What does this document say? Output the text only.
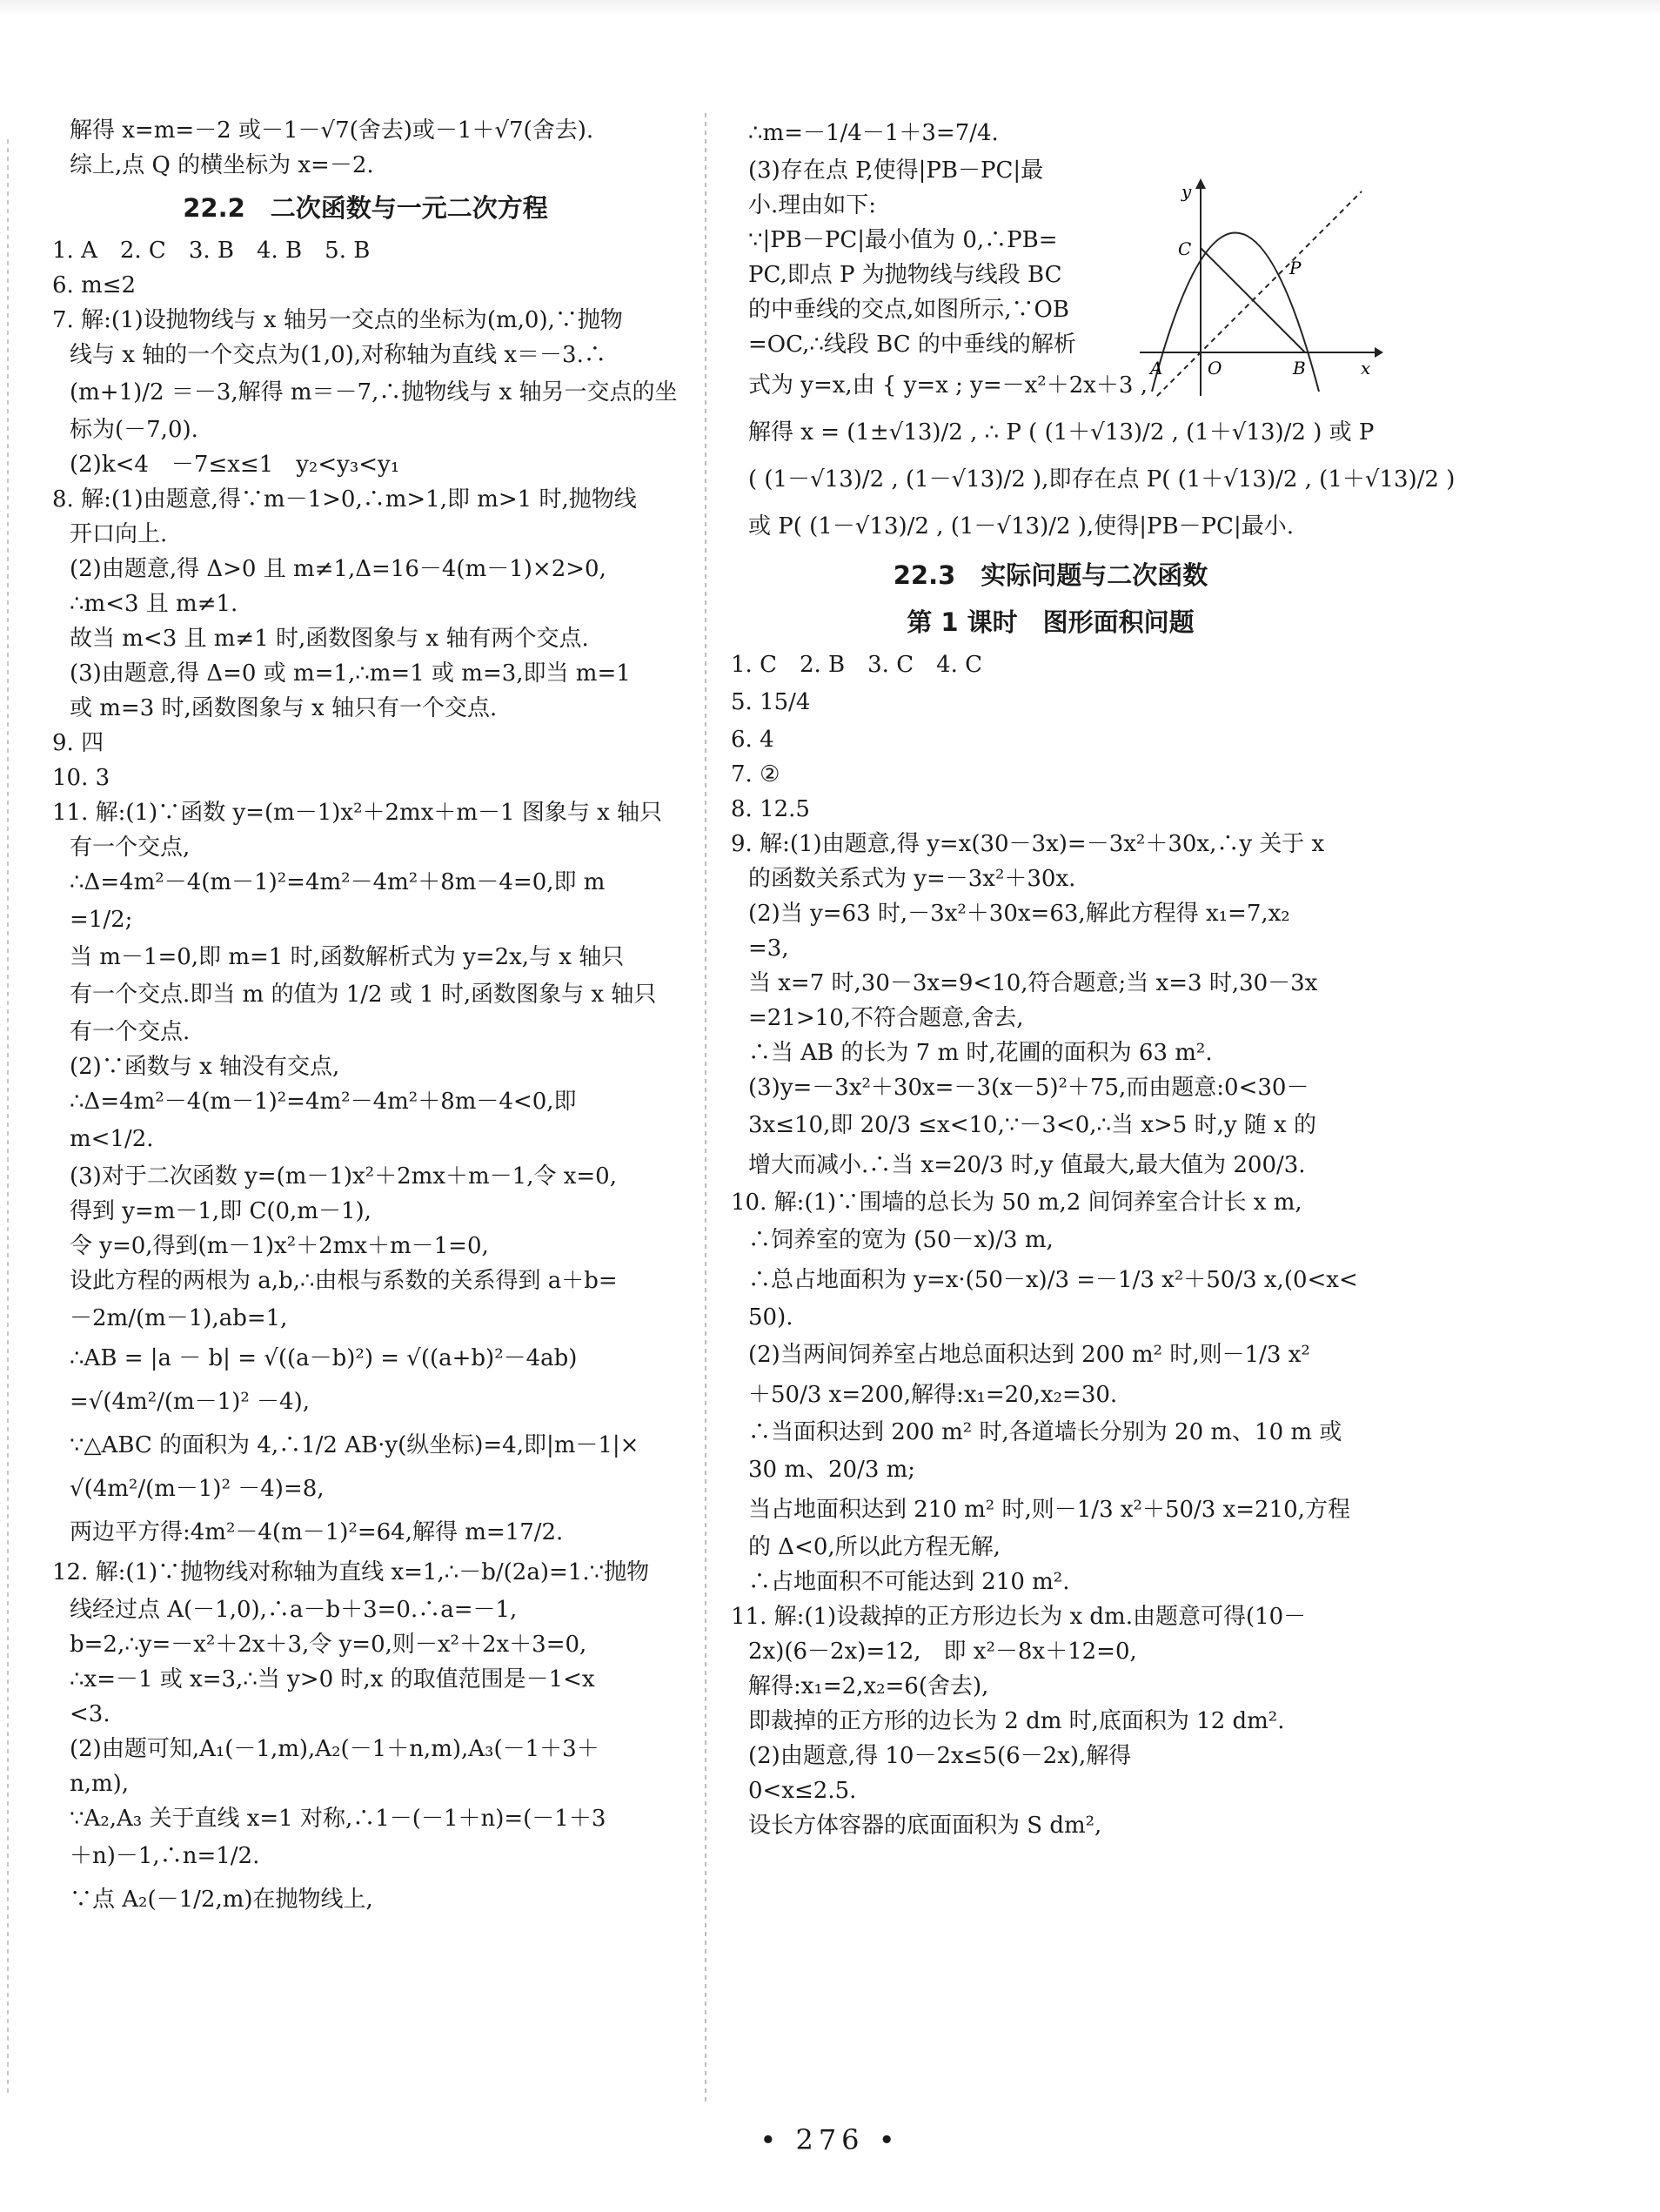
解得 x=m=－2 或－1－√7(舍去)或－1＋√7(舍去).
综上,点 Q 的横坐标为 x=－2.
22.2　二次函数与一元二次方程
1. A　2. C　3. B　4. B　5. B
6. m≤2
7. 解:(1)设抛物线与 x 轴另一交点的坐标为(m,0),∵抛物
线与 x 轴的一个交点为(1,0),对称轴为直线 x＝－3.∴
(m+1)/2 ＝－3,解得 m＝－7,∴抛物线与 x 轴另一交点的坐
标为(－7,0).
(2)k<4　－7≤x≤1　y₂<y₃<y₁
8. 解:(1)由题意,得∵m－1>0,∴m>1,即 m>1 时,抛物线
开口向上.
(2)由题意,得 Δ>0 且 m≠1,Δ=16－4(m－1)×2>0,
∴m<3 且 m≠1.
故当 m<3 且 m≠1 时,函数图象与 x 轴有两个交点.
(3)由题意,得 Δ=0 或 m=1,∴m=1 或 m=3,即当 m=1
或 m=3 时,函数图象与 x 轴只有一个交点.
9. 四
10. 3
11. 解:(1)∵函数 y=(m－1)x²＋2mx＋m－1 图象与 x 轴只
有一个交点,
∴Δ=4m²－4(m－1)²=4m²－4m²＋8m－4=0,即 m
=1/2;
当 m－1=0,即 m=1 时,函数解析式为 y=2x,与 x 轴只
有一个交点.即当 m 的值为 1/2 或 1 时,函数图象与 x 轴只
有一个交点.
(2)∵函数与 x 轴没有交点,
∴Δ=4m²－4(m－1)²=4m²－4m²＋8m－4<0,即
m<1/2.
(3)对于二次函数 y=(m－1)x²＋2mx＋m－1,令 x=0,
得到 y=m－1,即 C(0,m－1),
令 y=0,得到(m－1)x²＋2mx＋m－1=0,
设此方程的两根为 a,b,∴由根与系数的关系得到 a＋b=
－2m/(m－1),ab=1,
∴AB = |a － b| = √((a－b)²) = √((a+b)²－4ab)
=√(4m²/(m－1)² －4),
∵△ABC 的面积为 4,∴1/2 AB·y(纵坐标)=4,即|m－1|×
√(4m²/(m－1)² －4)=8,
两边平方得:4m²－4(m－1)²=64,解得 m=17/2.
12. 解:(1)∵抛物线对称轴为直线 x=1,∴－b/(2a)=1.∵抛物
线经过点 A(－1,0),∴a－b＋3=0.∴a=－1,
b=2,∴y=－x²＋2x＋3,令 y=0,则－x²＋2x＋3=0,
∴x=－1 或 x=3,∴当 y>0 时,x 的取值范围是－1<x
<3.
(2)由题可知,A₁(－1,m),A₂(－1＋n,m),A₃(－1＋3＋
n,m),
∵A₂,A₃ 关于直线 x=1 对称,∴1－(－1＋n)=(－1＋3
＋n)－1,∴n=1/2.
∵点 A₂(－1/2,m)在抛物线上,
∴m=－1/4－1＋3=7/4.
(3)存在点 P,使得|PB－PC|最
小.理由如下:
∵|PB－PC|最小值为 0,∴PB=
PC,即点 P 为抛物线与线段 BC
的中垂线的交点,如图所示,∵OB
=OC,∴线段 BC 的中垂线的解析
式为 y=x,由 { y=x ; y=－x²＋2x＋3 ,
解得 x = (1±√13)/2 , ∴ P ( (1＋√13)/2 , (1＋√13)/2 ) 或 P
( (1－√13)/2 , (1－√13)/2 ),即存在点 P( (1＋√13)/2 , (1＋√13)/2 )
或 P( (1－√13)/2 , (1－√13)/2 ),使得|PB－PC|最小.
22.3　实际问题与二次函数
第 1 课时　图形面积问题
1. C　2. B　3. C　4. C
5. 15/4
6. 4
7. ②
8. 12.5
9. 解:(1)由题意,得 y=x(30－3x)=－3x²＋30x,∴y 关于 x
的函数关系式为 y=－3x²＋30x.
(2)当 y=63 时,－3x²＋30x=63,解此方程得 x₁=7,x₂
=3,
当 x=7 时,30－3x=9<10,符合题意;当 x=3 时,30－3x
=21>10,不符合题意,舍去,
∴当 AB 的长为 7 m 时,花圃的面积为 63 m².
(3)y=－3x²＋30x=－3(x－5)²＋75,而由题意:0<30－
3x≤10,即 20/3 ≤x<10,∵－3<0,∴当 x>5 时,y 随 x 的
增大而减小.∴当 x=20/3 时,y 值最大,最大值为 200/3.
10. 解:(1)∵围墙的总长为 50 m,2 间饲养室合计长 x m,
∴饲养室的宽为 (50－x)/3 m,
∴总占地面积为 y=x·(50－x)/3 =－1/3 x²＋50/3 x,(0<x<
50).
(2)当两间饲养室占地总面积达到 200 m² 时,则－1/3 x²
＋50/3 x=200,解得:x₁=20,x₂=30.
∴当面积达到 200 m² 时,各道墙长分别为 20 m、10 m 或
30 m、20/3 m;
当占地面积达到 210 m² 时,则－1/3 x²＋50/3 x=210,方程
的 Δ<0,所以此方程无解,
∴占地面积不可能达到 210 m².
11. 解:(1)设裁掉的正方形边长为 x dm.由题意可得(10－
2x)(6－2x)=12,　即 x²－8x＋12=0,
解得:x₁=2,x₂=6(舍去),
即裁掉的正方形的边长为 2 dm 时,底面积为 12 dm².
(2)由题意,得 10－2x≤5(6－2x),解得
0<x≤2.5.
设长方体容器的底面面积为 S dm²,
y
C
P
A	O	B	x
• 276 •
